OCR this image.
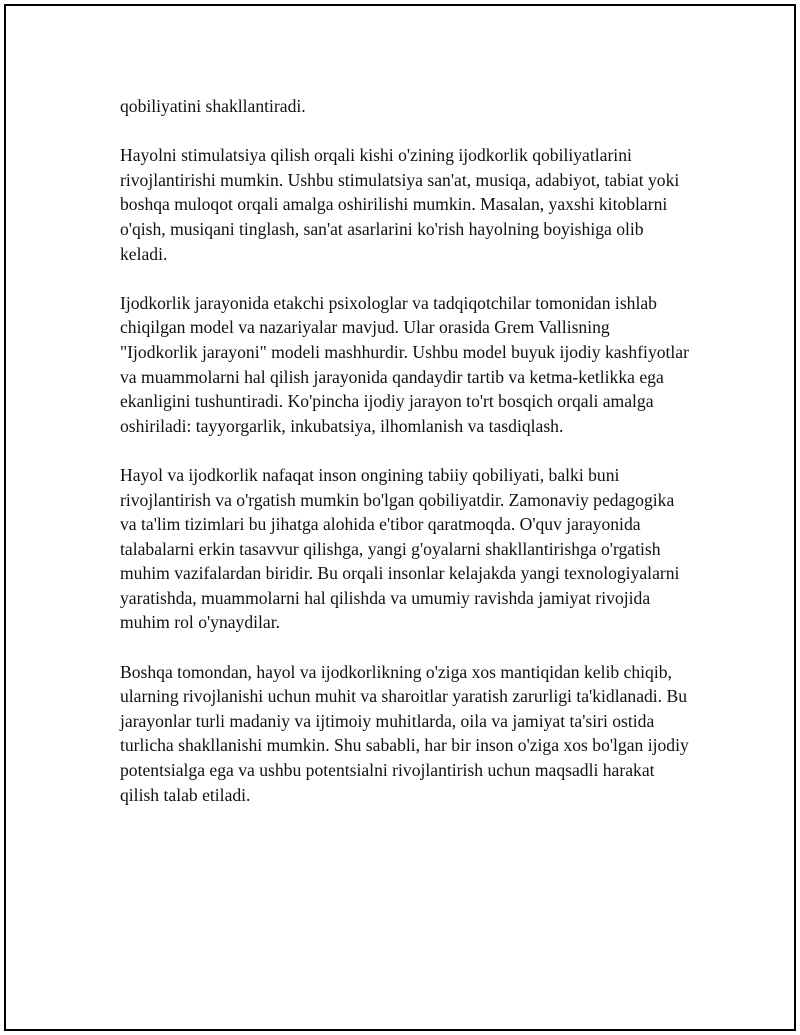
qobiliyatini shakllantiradi.

Hayolni stimulatsiya qilish orqali kishi o'zining ijodkorlik qobiliyatlarini rivojlantirishi mumkin. Ushbu stimulatsiya san'at, musiqa, adabiyot, tabiat yoki boshqa muloqot orqali amalga oshirilishi mumkin. Masalan, yaxshi kitoblarni o'qish, musiqani tinglash, san'at asarlarini ko'rish hayolning boyishiga olib keladi.

Ijodkorlik jarayonida etakchi psixologlar va tadqiqotchilar tomonidan ishlab chiqilgan model va nazariyalar mavjud. Ular orasida Grem Vallisning "Ijodkorlik jarayoni" modeli mashhurdir. Ushbu model buyuk ijodiy kashfiyotlar va muammolarni hal qilish jarayonida qandaydir tartib va ketma-ketlikka ega ekanligini tushuntiradi. Ko'pincha ijodiy jarayon to'rt bosqich orqali amalga oshiriladi: tayyorgarlik, inkubatsiya, ilhomlanish va tasdiqlash.

Hayol va ijodkorlik nafaqat inson ongining tabiiy qobiliyati, balki buni rivojlantirish va o'rgatish mumkin bo'lgan qobiliyatdir. Zamonaviy pedagogika va ta'lim tizimlari bu jihatga alohida e'tibor qaratmoqda. O'quv jarayonida talabalarni erkin tasavvur qilishga, yangi g'oyalarni shakllantirishga o'rgatish muhim vazifalardan biridir. Bu orqali insonlar kelajakda yangi texnologiyalarni yaratishda, muammolarni hal qilishda va umumiy ravishda jamiyat rivojida muhim rol o'ynaydilar.

Boshqa tomondan, hayol va ijodkorlikning o'ziga xos mantiqidan kelib chiqib, ularning rivojlanishi uchun muhit va sharoitlar yaratish zarurligi ta'kidlanadi. Bu jarayonlar turli madaniy va ijtimoiy muhitlarda, oila va jamiyat ta'siri ostida turlicha shakllanishi mumkin. Shu sababli, har bir inson o'ziga xos bo'lgan ijodiy potentsialga ega va ushbu potentsialni rivojlantirish uchun maqsadli harakat qilish talab etiladi.
